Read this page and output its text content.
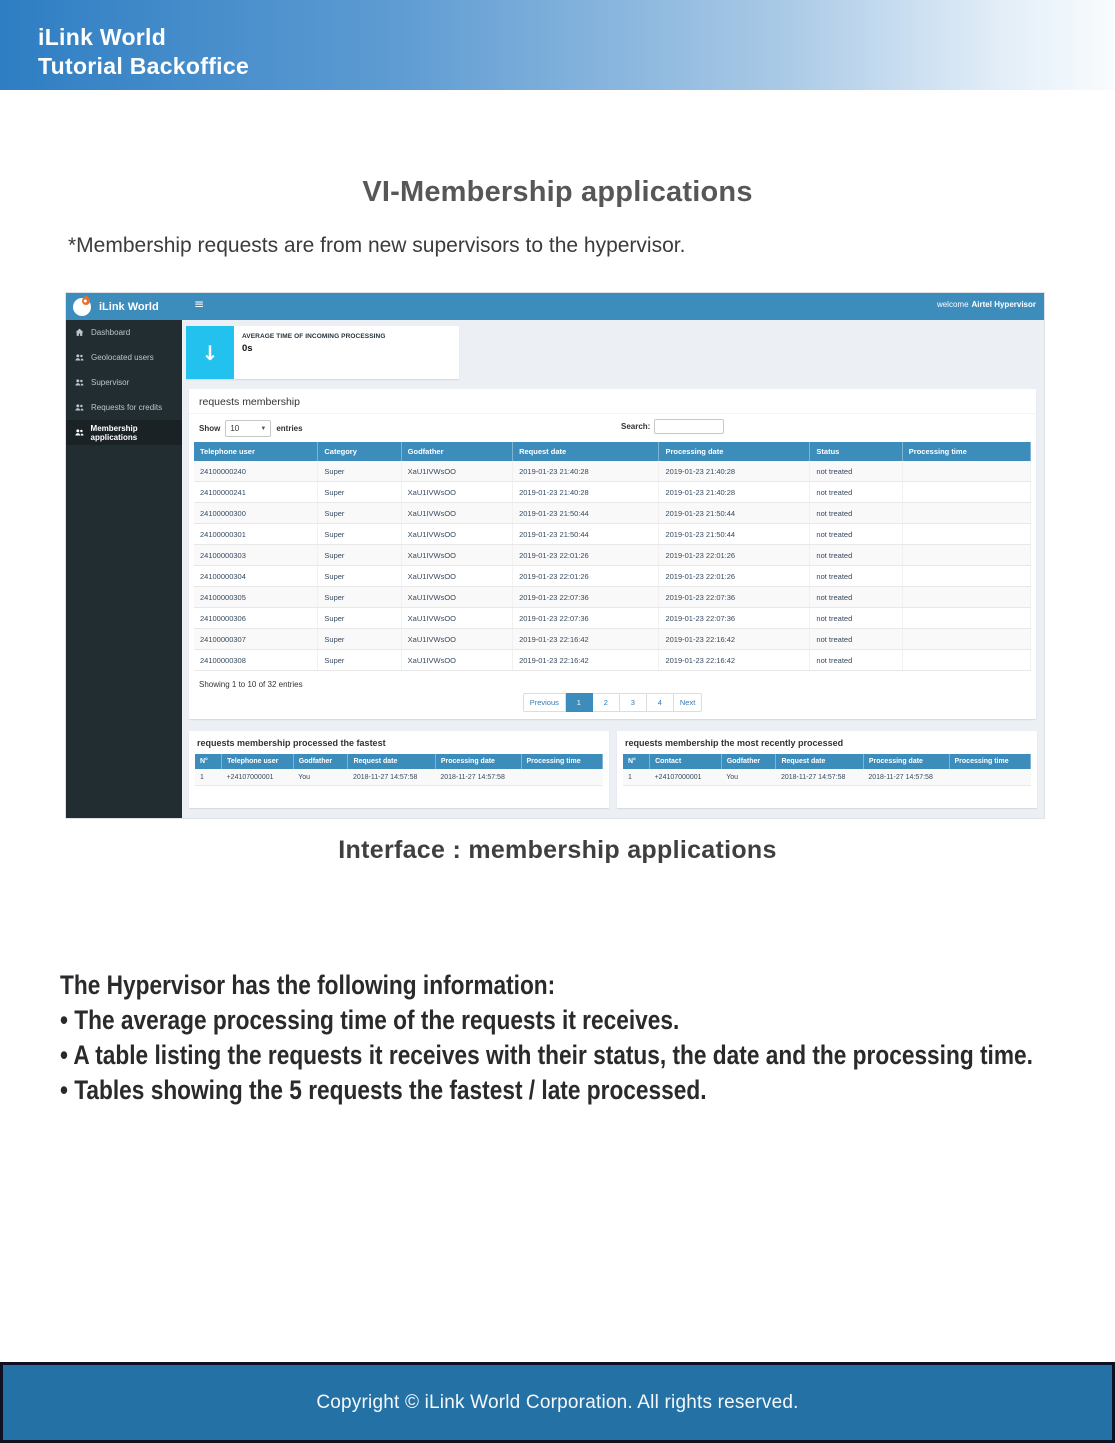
iLink World
Tutorial Backoffice
VI-Membership applications
*Membership requests are from new supervisors to the hypervisor.
iLink World	≡	welcome Airtel Hypervisor
Dashboard
Geolocated users
Supervisor
Requests for credits
Membership applications
↓
AVERAGE TIME OF INCOMING PROCESSING
0s
requests membership
Show 10	▼ entries	Search:
Telephone user	Category	Godfather	Request date	Processing date	Status	Processing time
24100000240	Super	XaU1IVWsOO	2019-01-23 21:40:28	2019-01-23 21:40:28	not treated	
24100000241	Super	XaU1IVWsOO	2019-01-23 21:40:28	2019-01-23 21:40:28	not treated	
24100000300	Super	XaU1IVWsOO	2019-01-23 21:50:44	2019-01-23 21:50:44	not treated	
24100000301	Super	XaU1IVWsOO	2019-01-23 21:50:44	2019-01-23 21:50:44	not treated	
24100000303	Super	XaU1IVWsOO	2019-01-23 22:01:26	2019-01-23 22:01:26	not treated	
24100000304	Super	XaU1IVWsOO	2019-01-23 22:01:26	2019-01-23 22:01:26	not treated	
24100000305	Super	XaU1IVWsOO	2019-01-23 22:07:36	2019-01-23 22:07:36	not treated	
24100000306	Super	XaU1IVWsOO	2019-01-23 22:07:36	2019-01-23 22:07:36	not treated	
24100000307	Super	XaU1IVWsOO	2019-01-23 22:16:42	2019-01-23 22:16:42	not treated	
24100000308	Super	XaU1IVWsOO	2019-01-23 22:16:42	2019-01-23 22:16:42	not treated	
Showing 1 to 10 of 32 entries
Previous	1	2	3	4	Next
requests membership processed the fastest
N°	Telephone user	Godfather	Request date	Processing date	Processing time
1	+24107000001	You	2018-11-27 14:57:58	2018-11-27 14:57:58	
requests membership the most recently processed
N°	Contact	Godfather	Request date	Processing date	Processing time
1	+24107000001	You	2018-11-27 14:57:58	2018-11-27 14:57:58	
Interface : membership applications
The Hypervisor has the following information:
• The average processing time of the requests it receives.
• A table listing the requests it receives with their status, the date and the processing time.
• Tables showing the 5 requests the fastest / late processed.
Copyright © iLink World Corporation. All rights reserved.
